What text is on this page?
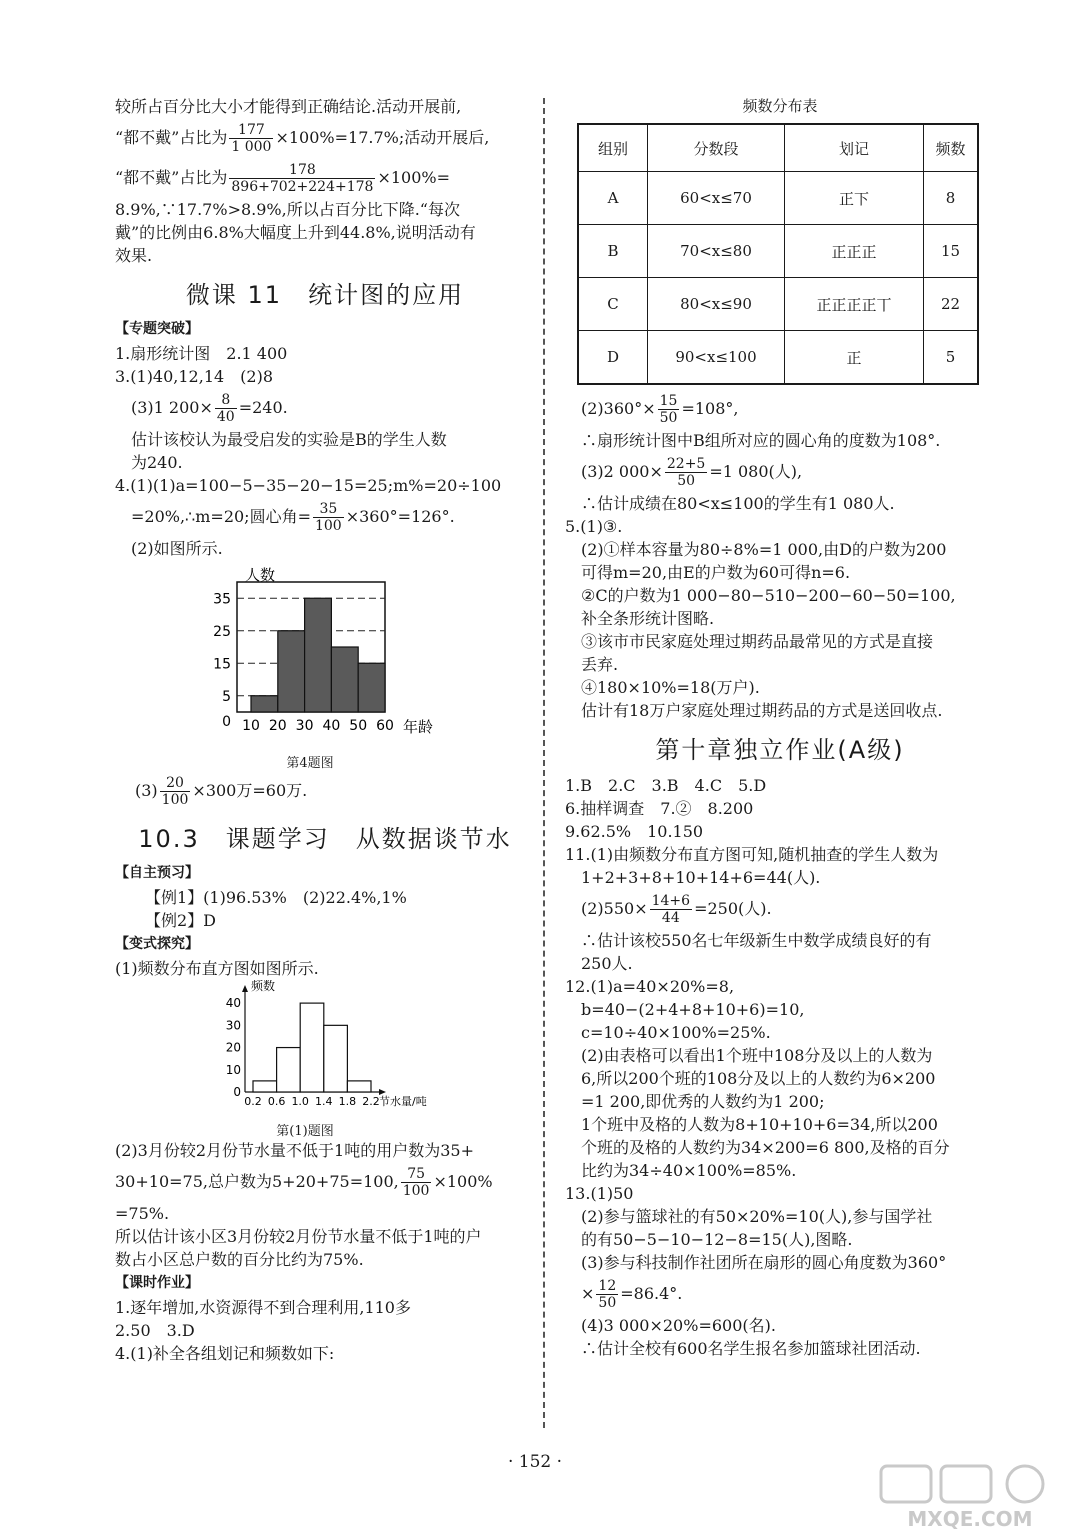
较所占百分比大小才能得到正确结论.活动开展前,

“都不戴”占比为 $\frac{177}{1 000} \times 100\%=17.7\%$;活动开展后,

“都不戴”占比为 $\frac{178}{896+702+224+178} \times 100\%=$

8.9%,∵17.7%>8.9%,所以占百分比下降.“每次

戴”的比例由6.8%大幅度上升到44.8%,说明活动有

效果.

微课 11　统计图的应用
【专题突破】

1.扇形统计图　2.1 400

3.(1)40,12,14　(2)8

(3)1 $200\times \frac{8}{40} =240$.

估计该校认为最受启发的实验是B的学生人数

为240.

4.(1)(1)a=100−5−35−20−15=25;m%=20÷100

=20%,∴m=20;圆心角= $\frac{35}{100} \times 360^\circ=126^\circ$.

(2)如图所示.

10 20 30 40 50 60
0
5
15
25
35
人数
年龄

第4题图

$(3) \frac{20}{100} \times 300$万=60万.

10.3　课题学习　从数据谈节水
【自主预习】

【例1】(1)96.53%　(2)22.4%,1%

【例2】D

【变式探究】

(1)频数分布直方图如图所示.

0.2 0.6 1.0 1.4 1.8 2.2
0
10
20
30
40
频数
节水量/吨

第(1)题图

(2)3月份较2月份节水量不低于1吨的用户数为35+

30+10=75,总户数为5+20+75=100, $\frac{75}{100} \times 100\%$

=75%.

所以估计该小区3月份较2月份节水量不低于1吨的户

数占小区总户数的百分比约为75%.

【课时作业】

1.逐年增加,水资源得不到合理利用,110多

2.50　3.D

4.(1)补全各组划记和频数如下:

频数分布表

组别	分数段	划记	频数
A	60<x≤70	正下	8
B	70<x≤80	正正正	15
C	80<x≤90	正正正正丅	22
D	90<x≤100	正	5

$(2)360^\circ\times \frac{15}{50} =108^\circ$,

∴扇形统计图中B组所对应的圆心角的度数为108°.

(3)2 $000\times \frac{22+5}{50} =1$ 080(人),

∴估计成绩在80<x≤100的学生有1 080人.

5.(1)③.

(2)①样本容量为80÷8%=1 000,由D的户数为200

可得m=20,由E的户数为60可得n=6.

②C的户数为1 000−80−510−200−60−50=100,

补全条形统计图略.

③该市市民家庭处理过期药品最常见的方式是直接

丢弃.

④180×10%=18(万户).

估计有18万户家庭处理过期药品的方式是送回收点.

第十章独立作业(A级)

1.B　2.C　3.B　4.C　5.D

6.抽样调查　7.②　8.200

9.62.5%　10.150

11.(1)由频数分布直方图可知,随机抽查的学生人数为

1+2+3+8+10+14+6=44(人).

$(2)550\times \frac{14+6}{44} =250$(人).

∴估计该校550名七年级新生中数学成绩良好的有

250人.

12.(1)a=40×20%=8,

b=40−(2+4+8+10+6)=10,

c=10÷40×100%=25%.

(2)由表格可以看出1个班中108分及以上的人数为

6,所以200个班的108分及以上的人数约为6×200

=1 200,即优秀的人数约为1 200;

1个班中及格的人数为8+10+10+6=34,所以200

个班的及格的人数约为34×200=6 800,及格的百分

比约为34÷40×100%=85%.

13.(1)50

(2)参与篮球社的有50×20%=10(人),参与国学社

的有50−5−10−12−8=15(人),图略.

(3)参与科技制作社团所在扇形的圆心角度数为360°

× $\frac{12}{50} =86.4^\circ$.

(4)3 000×20%=600(名).

∴估计全校有600名学生报名参加篮球社团活动.

· 152 ·
MXQE.COM
